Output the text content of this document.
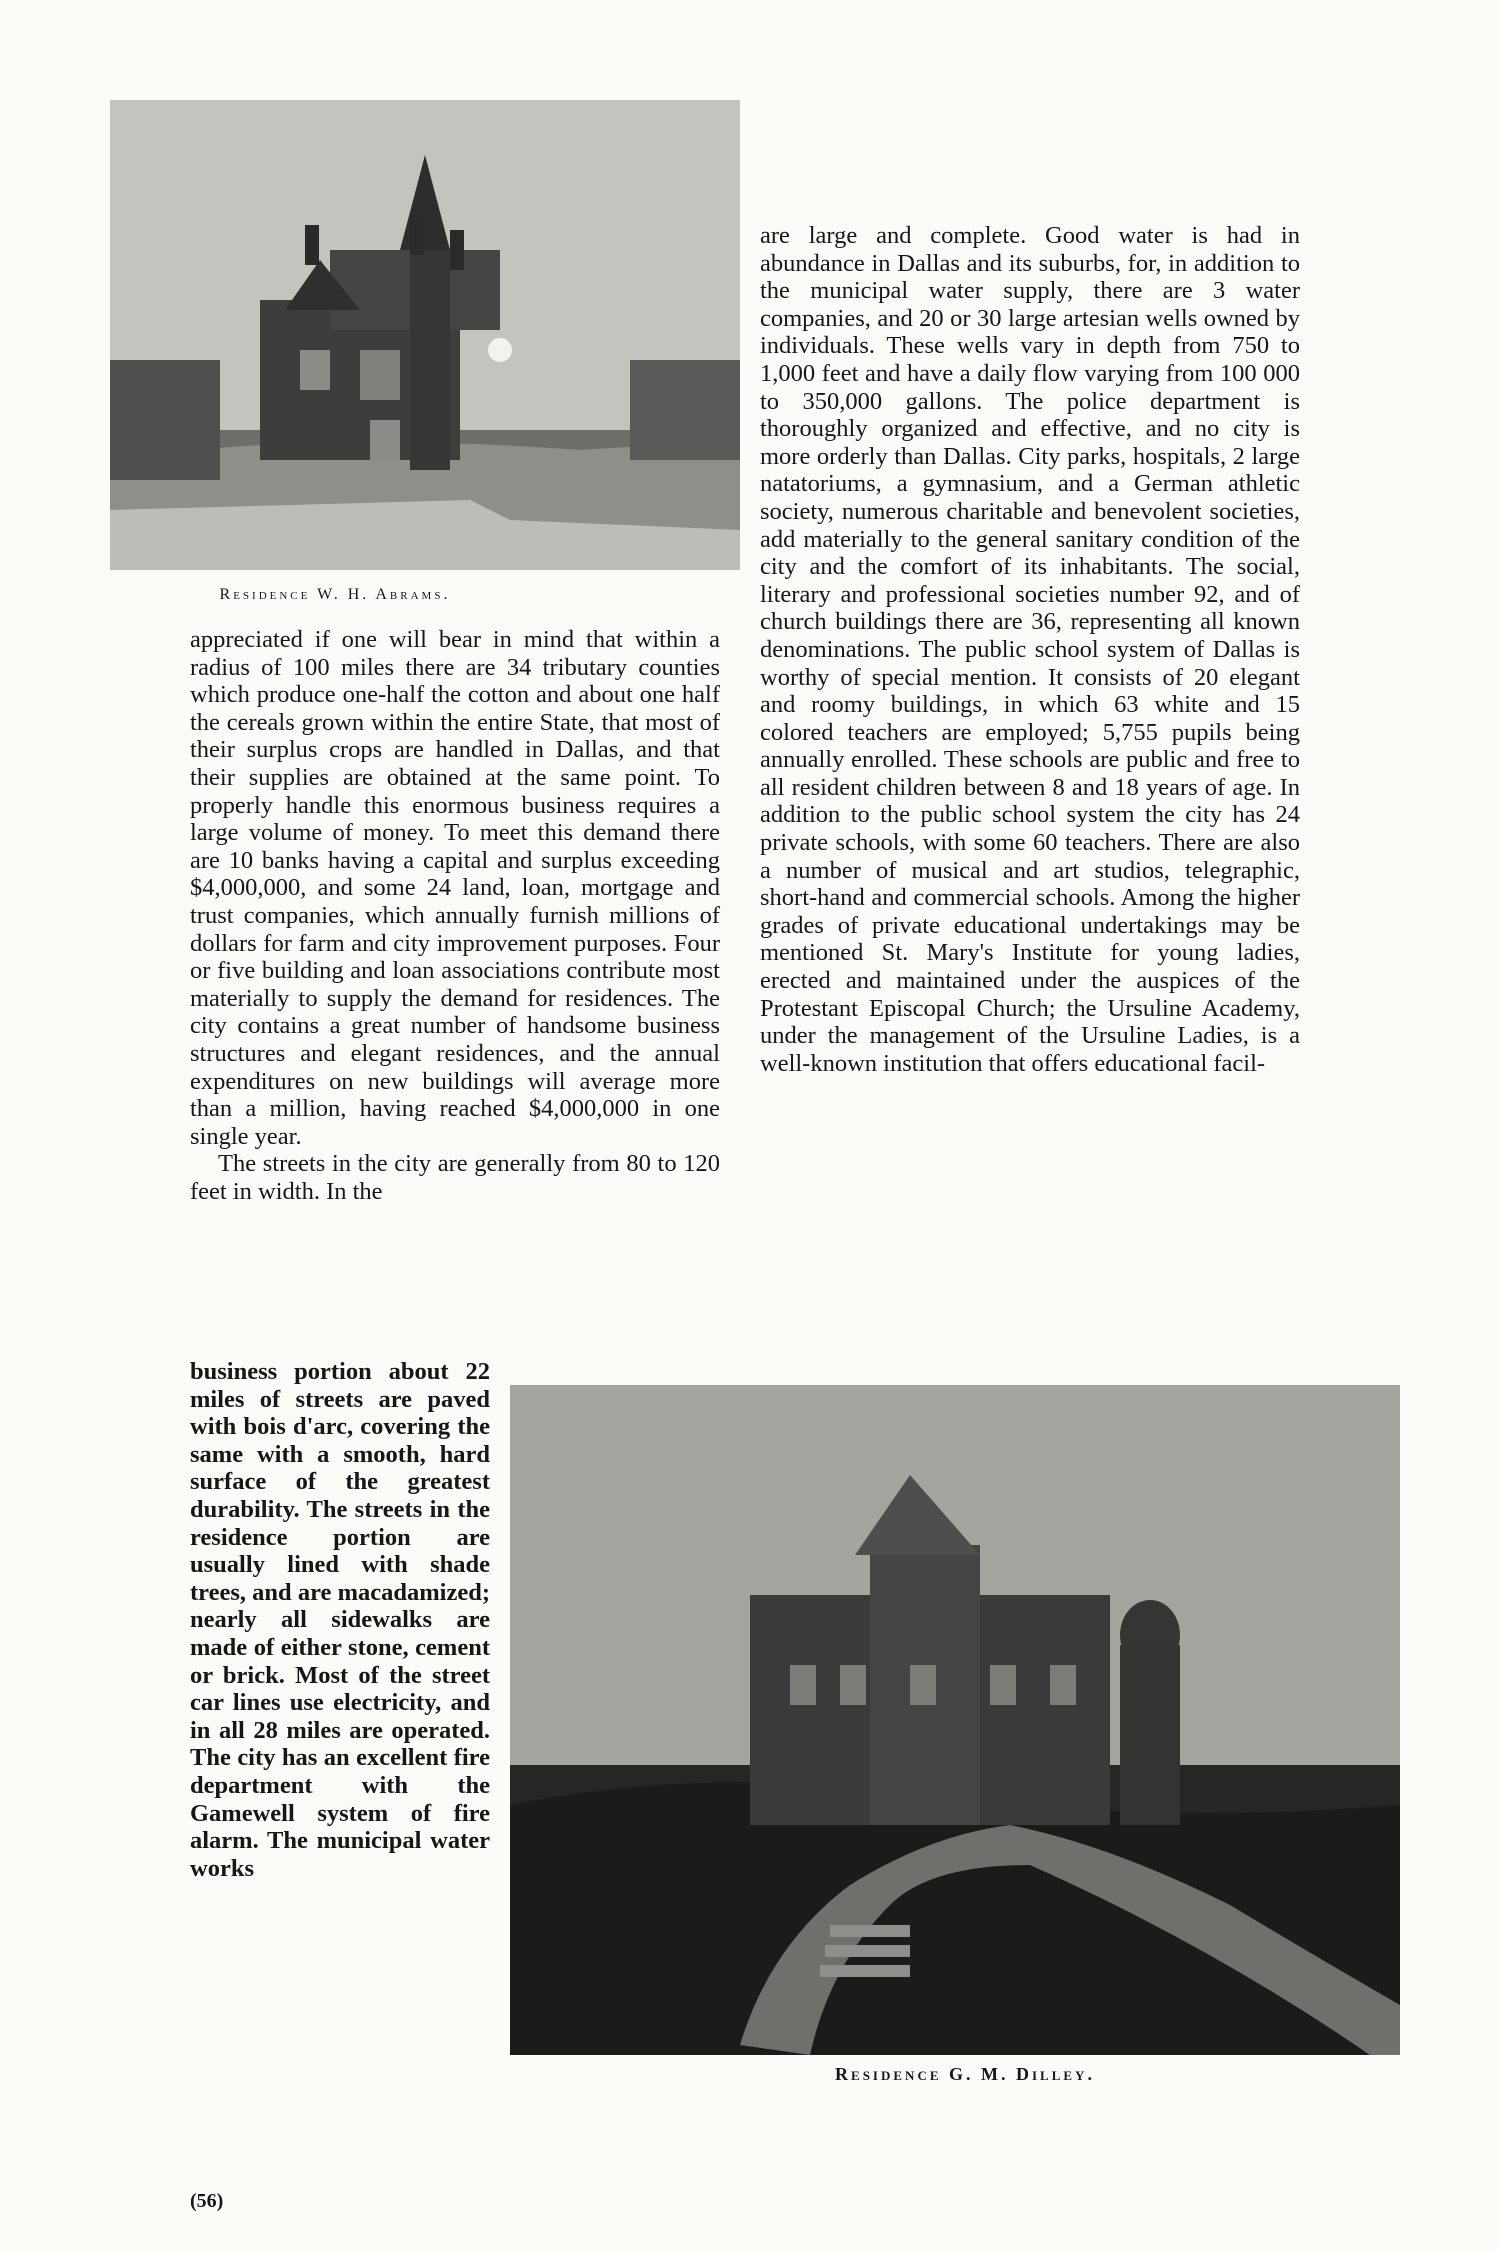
Residence W. H. Abrams.

appreciated if one will bear in mind that within a radius of 100 miles there are 34 tributary counties which produce one-half the cotton and about one half the cereals grown within the entire State, that most of their surplus crops are handled in Dallas, and that their supplies are obtained at the same point. To properly handle this enormous business requires a large volume of money. To meet this demand there are 10 banks having a capital and surplus exceeding $4,000,000, and some 24 land, loan, mortgage and trust companies, which annually furnish millions of dollars for farm and city improvement purposes. Four or five building and loan associations contribute most materially to supply the demand for residences. The city contains a great number of handsome business structures and elegant residences, and the annual expenditures on new buildings will average more than a million, having reached $4,000,000 in one single year.

The streets in the city are generally from 80 to 120 feet in width. In the

business portion about 22 miles of streets are paved with bois d'arc, covering the same with a smooth, hard surface of the greatest durability. The streets in the residence portion are usually lined with shade trees, and are macadamized; nearly all sidewalks are made of either stone, cement or brick. Most of the street car lines use electricity, and in all 28 miles are operated. The city has an excellent fire department with the Gamewell system of fire alarm. The municipal water works

are large and complete. Good water is had in abundance in Dallas and its suburbs, for, in addition to the municipal water supply, there are 3 water companies, and 20 or 30 large artesian wells owned by individuals. These wells vary in depth from 750 to 1,000 feet and have a daily flow varying from 100 000 to 350,000 gallons. The police department is thoroughly organized and effective, and no city is more orderly than Dallas. City parks, hospitals, 2 large natatoriums, a gymnasium, and a German athletic society, numerous charitable and benevolent societies, add materially to the general sanitary condition of the city and the comfort of its inhabitants. The social, literary and professional societies number 92, and of church buildings there are 36, representing all known denominations. The public school system of Dallas is worthy of special mention. It consists of 20 elegant and roomy buildings, in which 63 white and 15 colored teachers are employed; 5,755 pupils being annually enrolled. These schools are public and free to all resident children between 8 and 18 years of age. In addition to the public school system the city has 24 private schools, with some 60 teachers. There are also a number of musical and art studios, telegraphic, short-hand and commercial schools. Among the higher grades of private educational undertakings may be mentioned St. Mary's Institute for young ladies, erected and maintained under the auspices of the Protestant Episcopal Church; the Ursuline Academy, under the management of the Ursuline Ladies, is a well-known institution that offers educational facil-

Residence G. M. Dilley.
(56)
